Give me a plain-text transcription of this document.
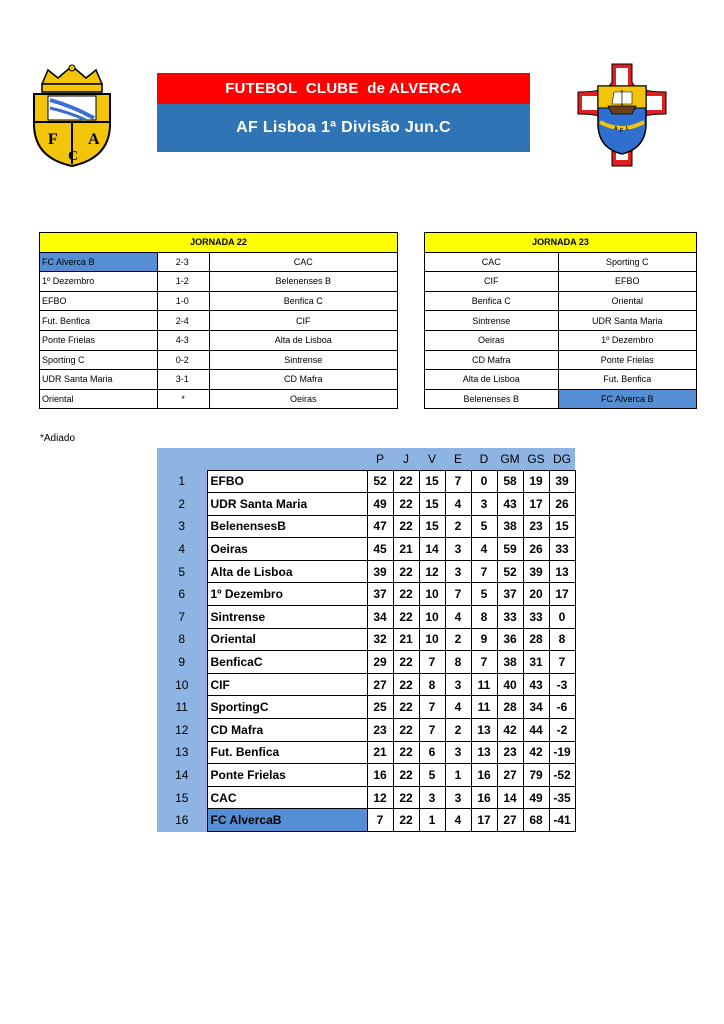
F A
C
FUTEBOL  CLUBE  de ALVERCA
AF Lisboa 1ª Divisão Jun.C	A F L
JORNADA 22		
FC Alverca B	2-3	CAC
1º Dezembro	1-2	Belenenses B
EFBO	1-0	Benfica C
Fut. Benfica	2-4	CIF
Ponte Frielas	4-3	Alta de Lisboa
Sporting C	0-2	Sintrense
UDR Santa Maria	3-1	CD Mafra
Oriental	*	Oeiras
JORNADA 23	
CAC	Sporting C
CIF	EFBO
Benfica C	Oriental
Sintrense	UDR Santa Maria
Oeiras	1º Dezembro
CD Mafra	Ponte Frielas
Alta de Lisboa	Fut. Benfica
Belenenses B	FC Alverca B
*Adiado
		P	J	V	E	D	GM	GS	DG
1	EFBO	52	22	15	7	0	58	19	39
2	UDR Santa Maria	49	22	15	4	3	43	17	26
3	BelenensesB	47	22	15	2	5	38	23	15
4	Oeiras	45	21	14	3	4	59	26	33
5	Alta de Lisboa	39	22	12	3	7	52	39	13
6	1º Dezembro	37	22	10	7	5	37	20	17
7	Sintrense	34	22	10	4	8	33	33	0
8	Oriental	32	21	10	2	9	36	28	8
9	BenficaC	29	22	7	8	7	38	31	7
10	CIF	27	22	8	3	11	40	43	-3
11	SportingC	25	22	7	4	11	28	34	-6
12	CD Mafra	23	22	7	2	13	42	44	-2
13	Fut. Benfica	21	22	6	3	13	23	42	-19
14	Ponte Frielas	16	22	5	1	16	27	79	-52
15	CAC	12	22	3	3	16	14	49	-35
16	FC AlvercaB	7	22	1	4	17	27	68	-41
